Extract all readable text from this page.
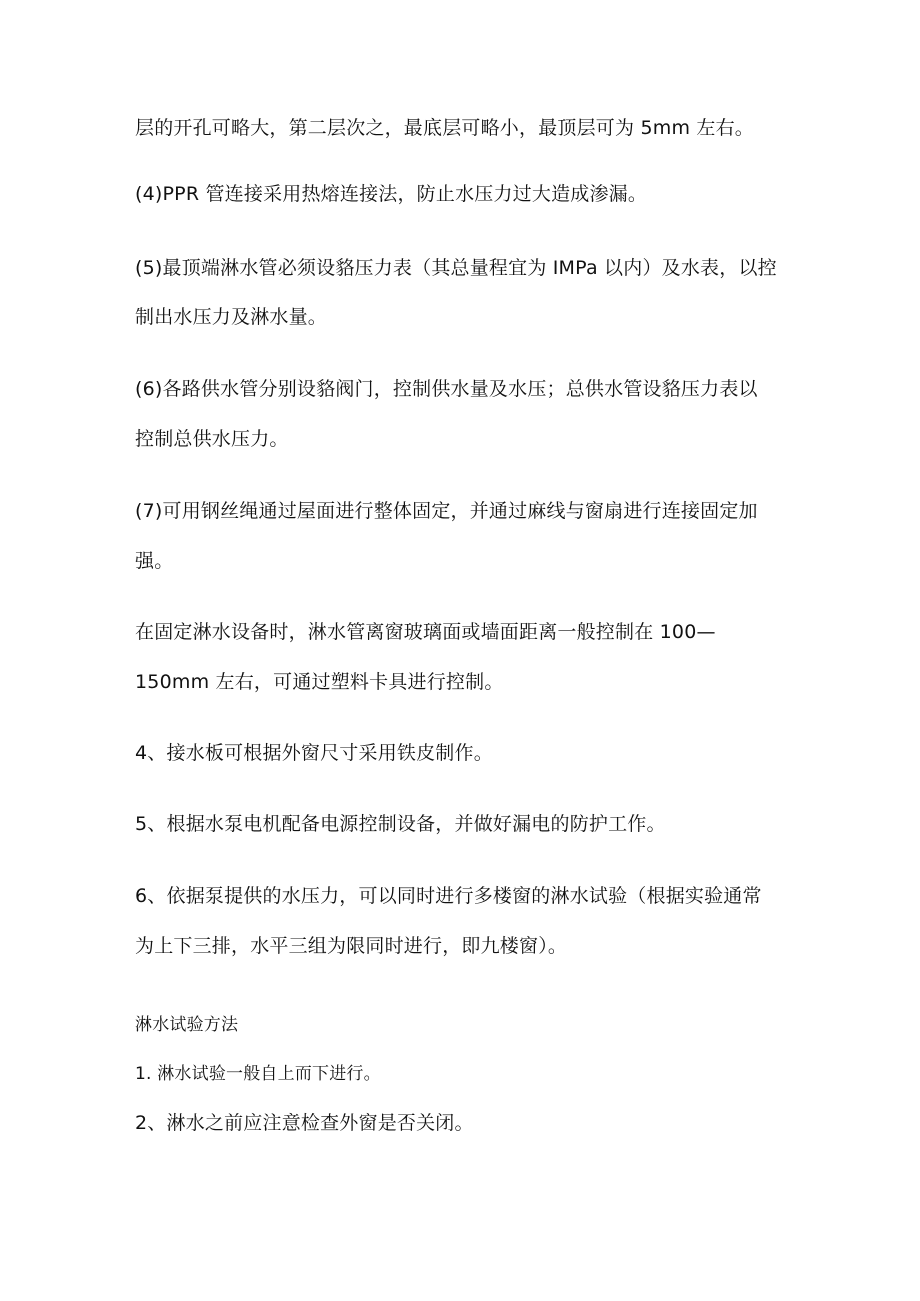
层的开孔可略大，第二层次之，最底层可略小，最顶层可为 5mm 左右。
(4)PPR 管连接采用热熔连接法，防止水压力过大造成渗漏。
(5)最顶端淋水管必须设貉压力表（其总量程宜为 IMPa 以内）及水表，以控
制出水压力及淋水量。
(6)各路供水管分别设貉阀门，控制供水量及水压；总供水管设貉压力表以
控制总供水压力。
(7)可用钢丝绳通过屋面进行整体固定，并通过麻线与窗扇进行连接固定加
强。
在固定淋水设备时，淋水管离窗玻璃面或墙面距离一般控制在 100—
150mm 左右，可通过塑料卡具进行控制。
4、接水板可根据外窗尺寸采用铁皮制作。
5、根据水泵电机配备电源控制设备，并做好漏电的防护工作。
6、依据泵提供的水压力，可以同时进行多楼窗的淋水试验（根据实验通常
为上下三排，水平三组为限同时进行，即九楼窗）。
淋水试验方法
1. 淋水试验一般自上而下进行。
2、淋水之前应注意检查外窗是否关闭。
